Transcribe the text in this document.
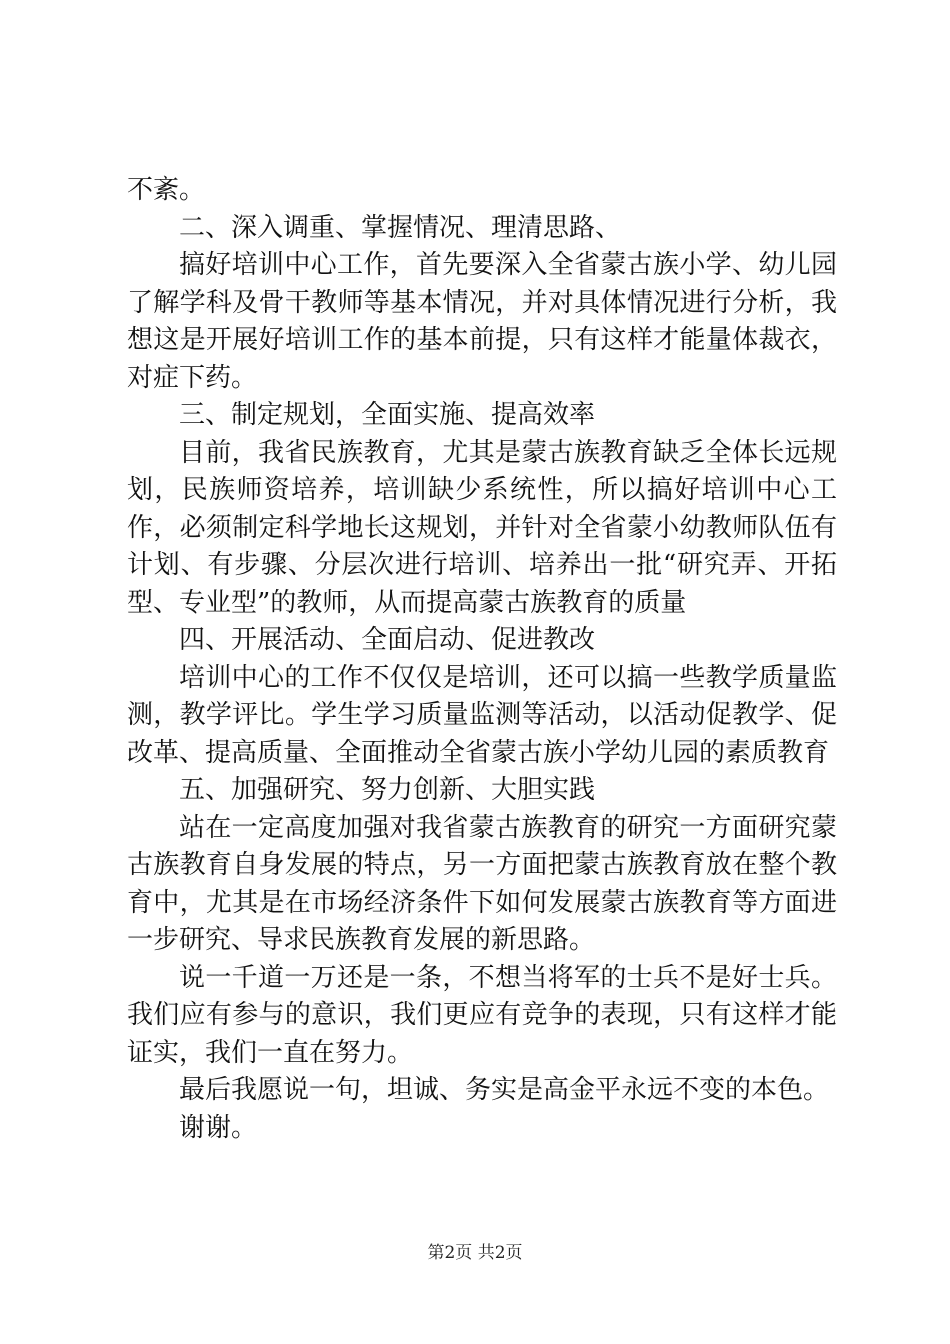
不紊。

二、深入调重、掌握情况、理清思路、

搞好培训中心工作，首先要深入全省蒙古族小学、幼儿园了解学科及骨干教师等基本情况，并对具体情况进行分析，我想这是开展好培训工作的基本前提，只有这样才能量体裁衣，对症下药。

三、制定规划，全面实施、提高效率

目前，我省民族教育，尤其是蒙古族教育缺乏全体长远规划，民族师资培养，培训缺少系统性，所以搞好培训中心工作，必须制定科学地长这规划，并针对全省蒙小幼教师队伍有计划、有步骤、分层次进行培训、培养出一批“研究弄、开拓型、专业型”的教师，从而提高蒙古族教育的质量

四、开展活动、全面启动、促进教改

培训中心的工作不仅仅是培训，还可以搞一些教学质量监测，教学评比。学生学习质量监测等活动，以活动促教学、促改革、提高质量、全面推动全省蒙古族小学幼儿园的素质教育

五、加强研究、努力创新、大胆实践

站在一定高度加强对我省蒙古族教育的研究一方面研究蒙古族教育自身发展的特点，另一方面把蒙古族教育放在整个教育中，尤其是在市场经济条件下如何发展蒙古族教育等方面进一步研究、导求民族教育发展的新思路。

说一千道一万还是一条，不想当将军的士兵不是好士兵。我们应有参与的意识，我们更应有竞争的表现，只有这样才能证实，我们一直在努力。

最后我愿说一句，坦诚、务实是高金平永远不变的本色。

谢谢。

第2页 共2页
